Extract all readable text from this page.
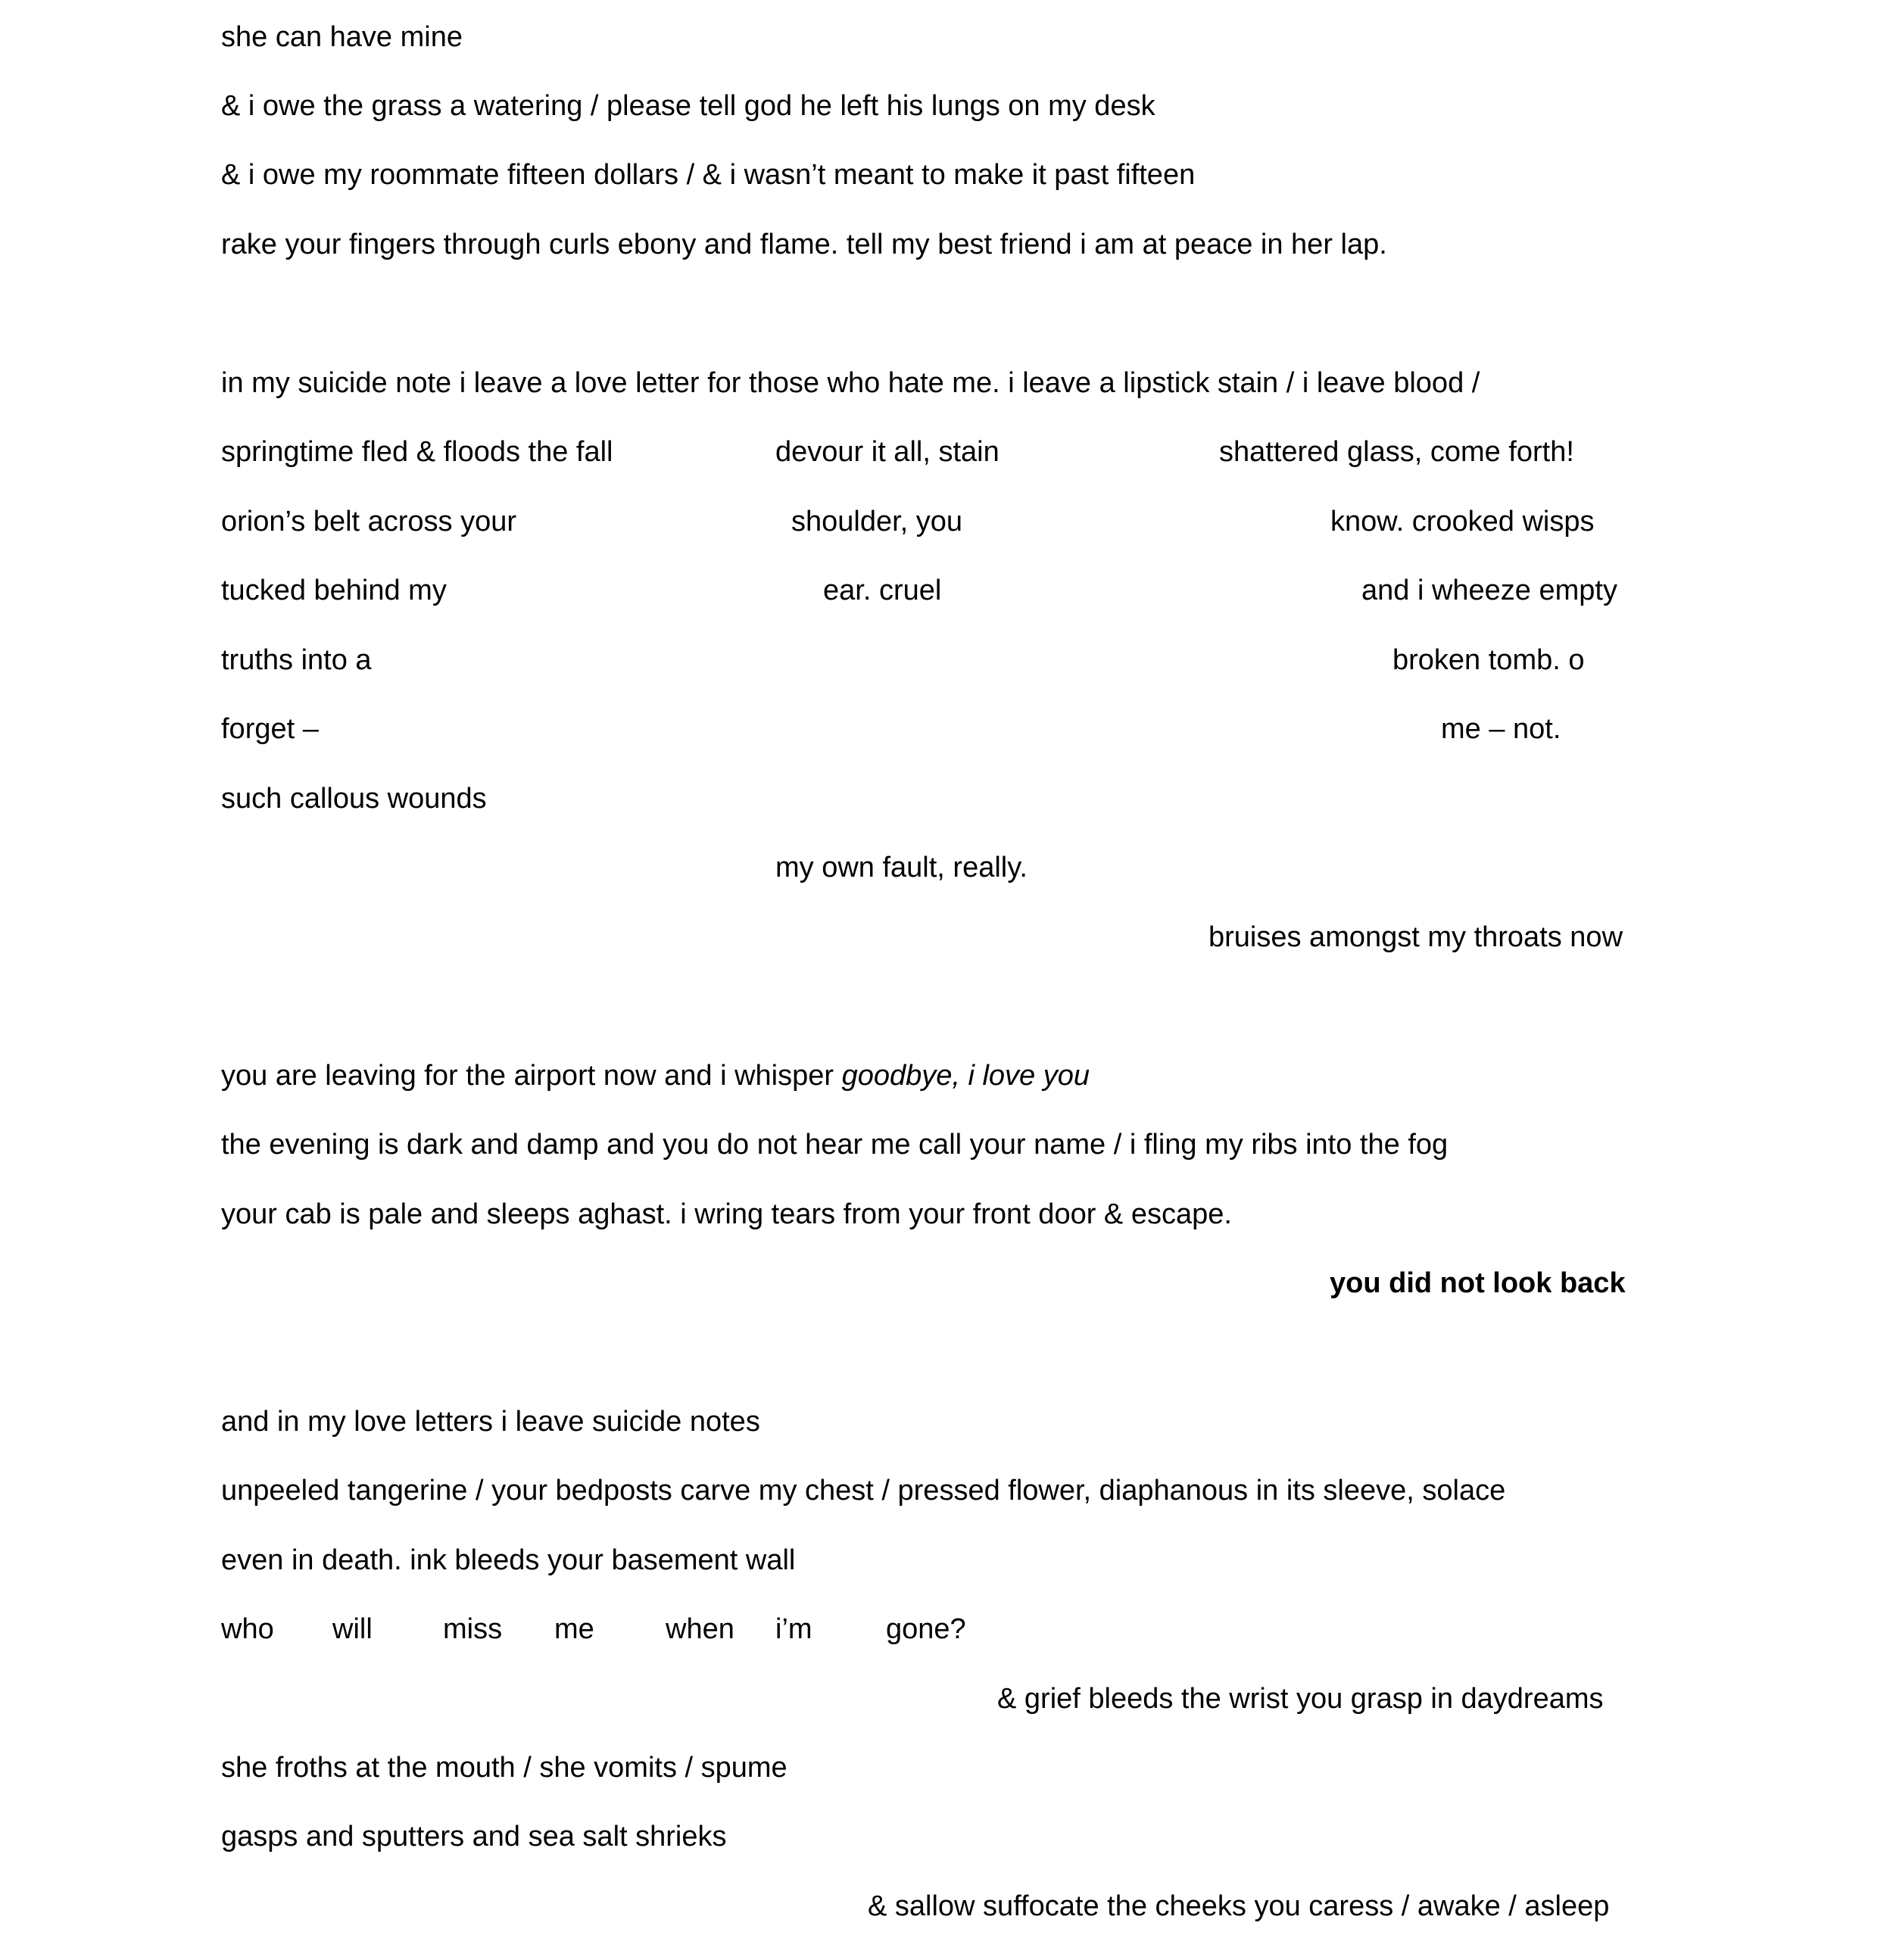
she can have mine

& i owe the grass a watering / please tell god he left his lungs on my desk

& i owe my roommate fifteen dollars / & i wasn’t meant to make it past fifteen

rake your fingers through curls ebony and flame. tell my best friend i am at peace in her lap.

in my suicide note i leave a love letter for those who hate me. i leave a lipstick stain / i leave blood /

springtime fled & floods the fall	devour it all, stain	shattered glass, come forth!

orion’s belt across your	shoulder, you	know. crooked wisps

tucked behind my	ear. cruel	and i wheeze empty

truths into a	broken tomb. o

forget –	me – not.

such callous wounds

my own fault, really.

bruises amongst my throats now

you are leaving for the airport now and i whisper goodbye, i love you

the evening is dark and damp and you do not hear me call your name / i fling my ribs into the fog

your cab is pale and sleeps aghast. i wring tears from your front door & escape.

you did not look back

and in my love letters i leave suicide notes

unpeeled tangerine / your bedposts carve my chest / pressed flower, diaphanous in its sleeve, solace

even in death. ink bleeds your basement wall

who will miss me when i’m	gone?

& grief bleeds the wrist you grasp in daydreams

she froths at the mouth / she vomits / spume

gasps and sputters and sea salt shrieks

& sallow suffocate the cheeks you caress / awake / asleep
